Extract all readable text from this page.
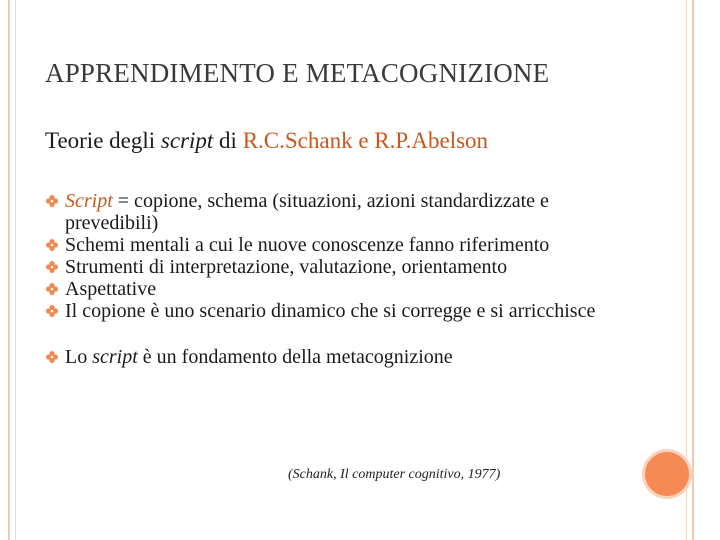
APPRENDIMENTO E METACOGNIZIONE
Teorie degli script di R.C.Schank e R.P.Abelson
Script = copione, schema (situazioni, azioni standardizzate e prevedibili)
Schemi mentali a cui le nuove conoscenze fanno riferimento
Strumenti di interpretazione, valutazione, orientamento
Aspettative
Il copione è uno scenario dinamico che si corregge e si arricchisce
Lo script è un fondamento della metacognizione
(Schank, Il computer cognitivo, 1977)
